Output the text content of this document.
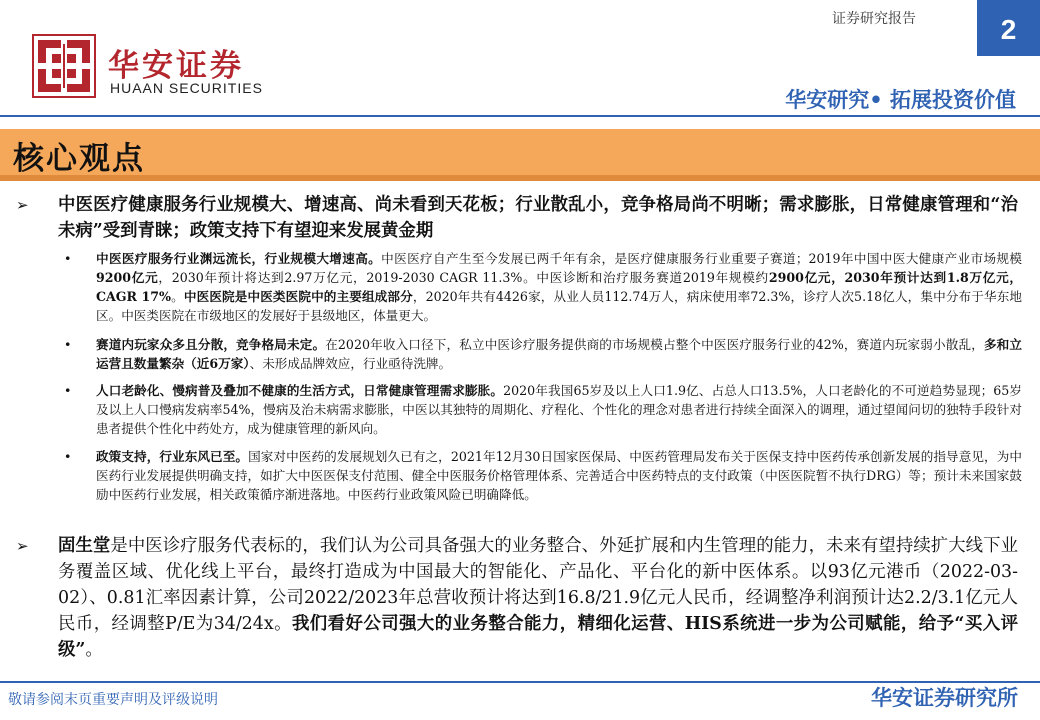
华安证券
HUAAN SECURITIES
证券研究报告	2
华安研究• 拓展投资价值
核心观点
➢ 中医医疗健康服务行业规模大、增速高、尚未看到天花板；行业散乱小，竞争格局尚不明晰；需求膨胀，日常健康管理和“治未病”受到青睐；政策支持下有望迎来发展黄金期
• 中医医疗服务行业渊远流长，行业规模大增速高。中医医疗自产生至今发展已两千年有余，是医疗健康服务行业重要子赛道；2019年中国中医大健康产业市场规模9200亿元，2030年预计将达到2.97万亿元，2019-2030 CAGR 11.3%。中医诊断和治疗服务赛道2019年规模约2900亿元，2030年预计达到1.8万亿元，CAGR 17%。中医医院是中医类医院中的主要组成部分，2020年共有4426家，从业人员112.74万人，病床使用率72.3%，诊疗人次5.18亿人，集中分布于华东地区。中医类医院在市级地区的发展好于县级地区，体量更大。
• 赛道内玩家众多且分散，竞争格局未定。在2020年收入口径下，私立中医诊疗服务提供商的市场规模占整个中医医疗服务行业的42%，赛道内玩家弱小散乱，多和立运营且数量繁杂（近6万家）、未形成品牌效应，行业亟待洗牌。
• 人口老龄化、慢病普及叠加不健康的生活方式，日常健康管理需求膨胀。2020年我国65岁及以上人口1.9亿、占总人口13.5%，人口老龄化的不可逆趋势显现；65岁及以上人口慢病发病率54%，慢病及治未病需求膨胀，中医以其独特的周期化、疗程化、个性化的理念对患者进行持续全面深入的调理，通过望闻问切的独特手段针对患者提供个性化中药处方，成为健康管理的新风向。
• 政策支持，行业东风已至。国家对中医药的发展规划久已有之，2021年12月30日国家医保局、中医药管理局发布关于医保支持中医药传承创新发展的指导意见，为中医药行业发展提供明确支持，如扩大中医医保支付范围、健全中医服务价格管理体系、完善适合中医药特点的支付政策（中医医院暂不执行DRG）等；预计未来国家鼓励中医药行业发展，相关政策循序渐进落地。中医药行业政策风险已明确降低。
➢ 固生堂是中医诊疗服务代表标的，我们认为公司具备强大的业务整合、外延扩展和内生管理的能力，未来有望持续扩大线下业务覆盖区域、优化线上平台，最终打造成为中国最大的智能化、产品化、平台化的新中医体系。以93亿元港币（2022-03-02）、0.81汇率因素计算，公司2022/2023年总营收预计将达到16.8/21.9亿元人民币，经调整净利润预计达2.2/3.1亿元人民币，经调整P/E为34/24x。我们看好公司强大的业务整合能力，精细化运营、HIS系统进一步为公司赋能，给予“买入评级”。
敬请参阅末页重要声明及评级说明	华安证券研究所
